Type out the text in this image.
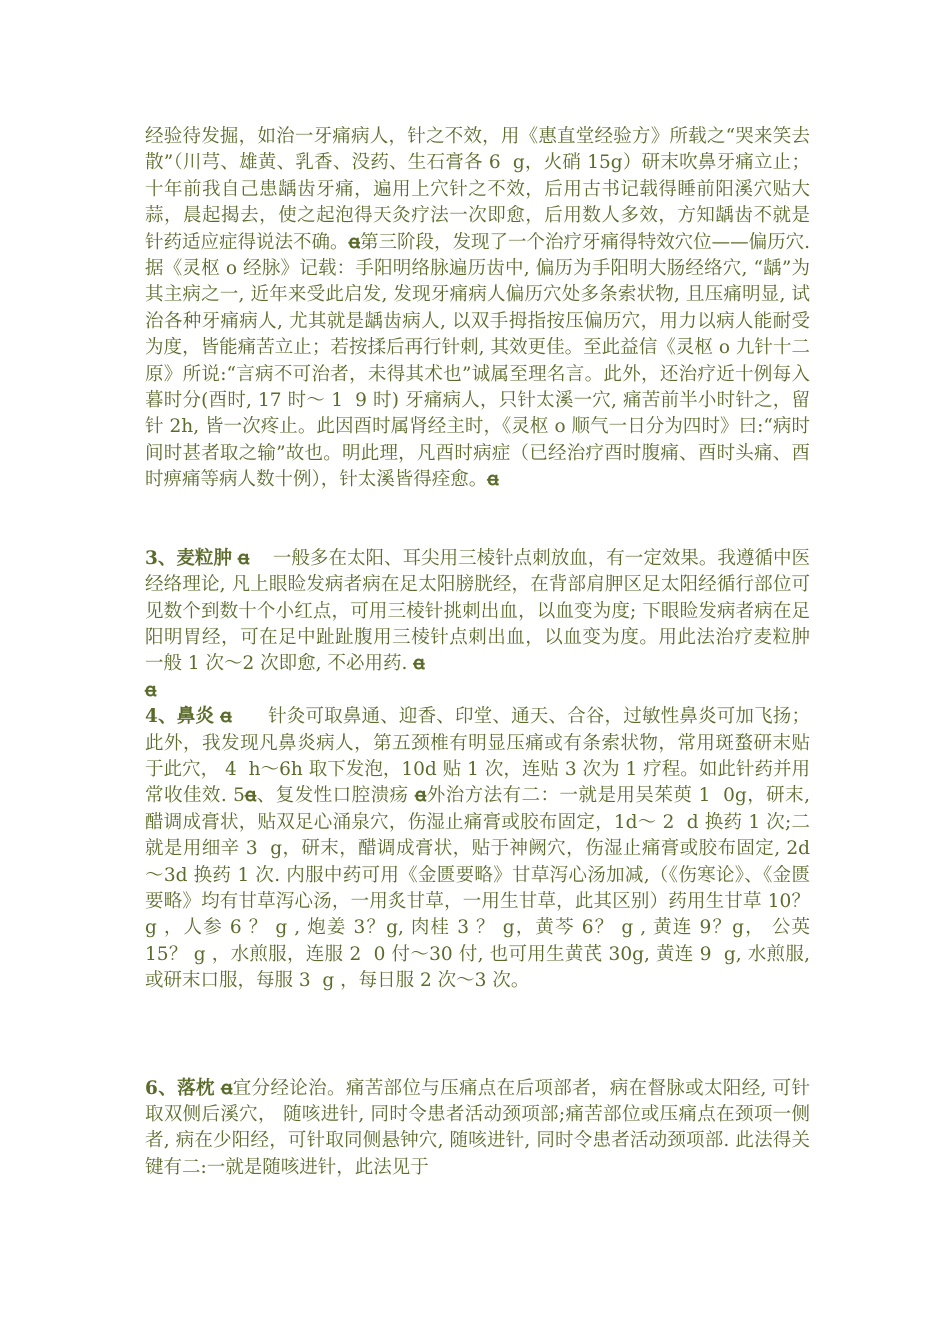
经验待发掘，如治一牙痛病人，针之不效，用《惠直堂经验方》所载之“哭来笑去散”（川芎、雄黄、乳香、没药、生石膏各 6  g，火硝 15g）研末吹鼻牙痛立止；十年前我自己患龋齿牙痛，遍用上穴针之不效，后用古书记载得睡前阳溪穴贴大蒜，晨起揭去，使之起泡得天灸疗法一次即愈，后用数人多效，方知龋齿不就是针药适应症得说法不确。ꬰ第三阶段，发现了一个治疗牙痛得特效穴位——偏历穴. 据《灵枢 o 经脉》记载：手阳明络脉遍历齿中, 偏历为手阳明大肠经络穴, “龋”为其主病之一, 近年来受此启发, 发现牙痛病人偏历穴处多条索状物, 且压痛明显, 试治各种牙痛病人, 尤其就是龋齿病人, 以双手拇指按压偏历穴，用力以病人能耐受为度，皆能痛苦立止；若按揉后再行针刺, 其效更佳。至此益信《灵枢 o 九针十二原》所说:“言病不可治者，未得其术也”诚属至理名言。此外，还治疗近十例每入暮时分(酉时, 17 时～ 1  9 时) 牙痛病人，只针太溪一穴, 痛苦前半小时针之，留针 2h, 皆一次疼止。此因酉时属肾经主时，《灵枢 o 顺气一日分为四时》曰:“病时间时甚者取之输”故也。明此理，凡酉时病症（已经治疗酉时腹痛、酉时头痛、酉时痹痛等病人数十例），针太溪皆得痊愈。ꬰ

3、麦粒肿 ꬰ    一般多在太阳、耳尖用三棱针点刺放血，有一定效果。我遵循中医经络理论, 凡上眼睑发病者病在足太阳膀胱经，在背部肩胛区足太阳经循行部位可见数个到数十个小红点，可用三棱针挑刺出血，以血变为度; 下眼睑发病者病在足阳明胃经，可在足中趾趾腹用三棱针点刺出血，以血变为度。用此法治疗麦粒肿一般 1 次～2 次即愈, 不必用药. ꬰ

ꬰ

4、鼻炎 ꬰ      针灸可取鼻通、迎香、印堂、通天、合谷，过敏性鼻炎可加飞扬；此外，我发现凡鼻炎病人，第五颈椎有明显压痛或有条索状物，常用斑蝥研末贴于此穴， 4  h～6h 取下发泡，10d 贴 1 次，连贴 3 次为 1 疗程。如此针药并用常收佳效. 5ꬰ、复发性口腔溃疡 ꬰ外治方法有二：一就是用吴茱萸 1  0g，研末, 醋调成膏状，贴双足心涌泉穴，伤湿止痛膏或胶布固定，1d～ 2  d 换药 1 次;二就是用细辛 3  g，研末，醋调成膏状，贴于神阙穴，伤湿止痛膏或胶布固定, 2d～3d 换药 1 次. 内服中药可用《金匮要略》甘草泻心汤加减,（《伤寒论》、《金匮要略》均有甘草泻心汤，一用炙甘草，一用生甘草，此其区别）药用生甘草 10？ g ，人参 6 ？ g , 炮姜 3？g, 肉桂 3 ？ g，黄芩 6？ g , 黄连 9？g， 公英 15？ g ，水煎服，连服 2  0 付～30 付, 也可用生黄芪 30g, 黄连 9  g, 水煎服, 或研末口服，每服 3  g ，每日服 2 次～3 次。

6、落枕 ꬰ宜分经论治。痛苦部位与压痛点在后项部者，病在督脉或太阳经, 可针取双侧后溪穴， 随咳进针, 同时令患者活动颈项部;痛苦部位或压痛点在颈项一侧者, 病在少阳经，可针取同侧悬钟穴, 随咳进针, 同时令患者活动颈项部. 此法得关键有二:一就是随咳进针，此法见于
